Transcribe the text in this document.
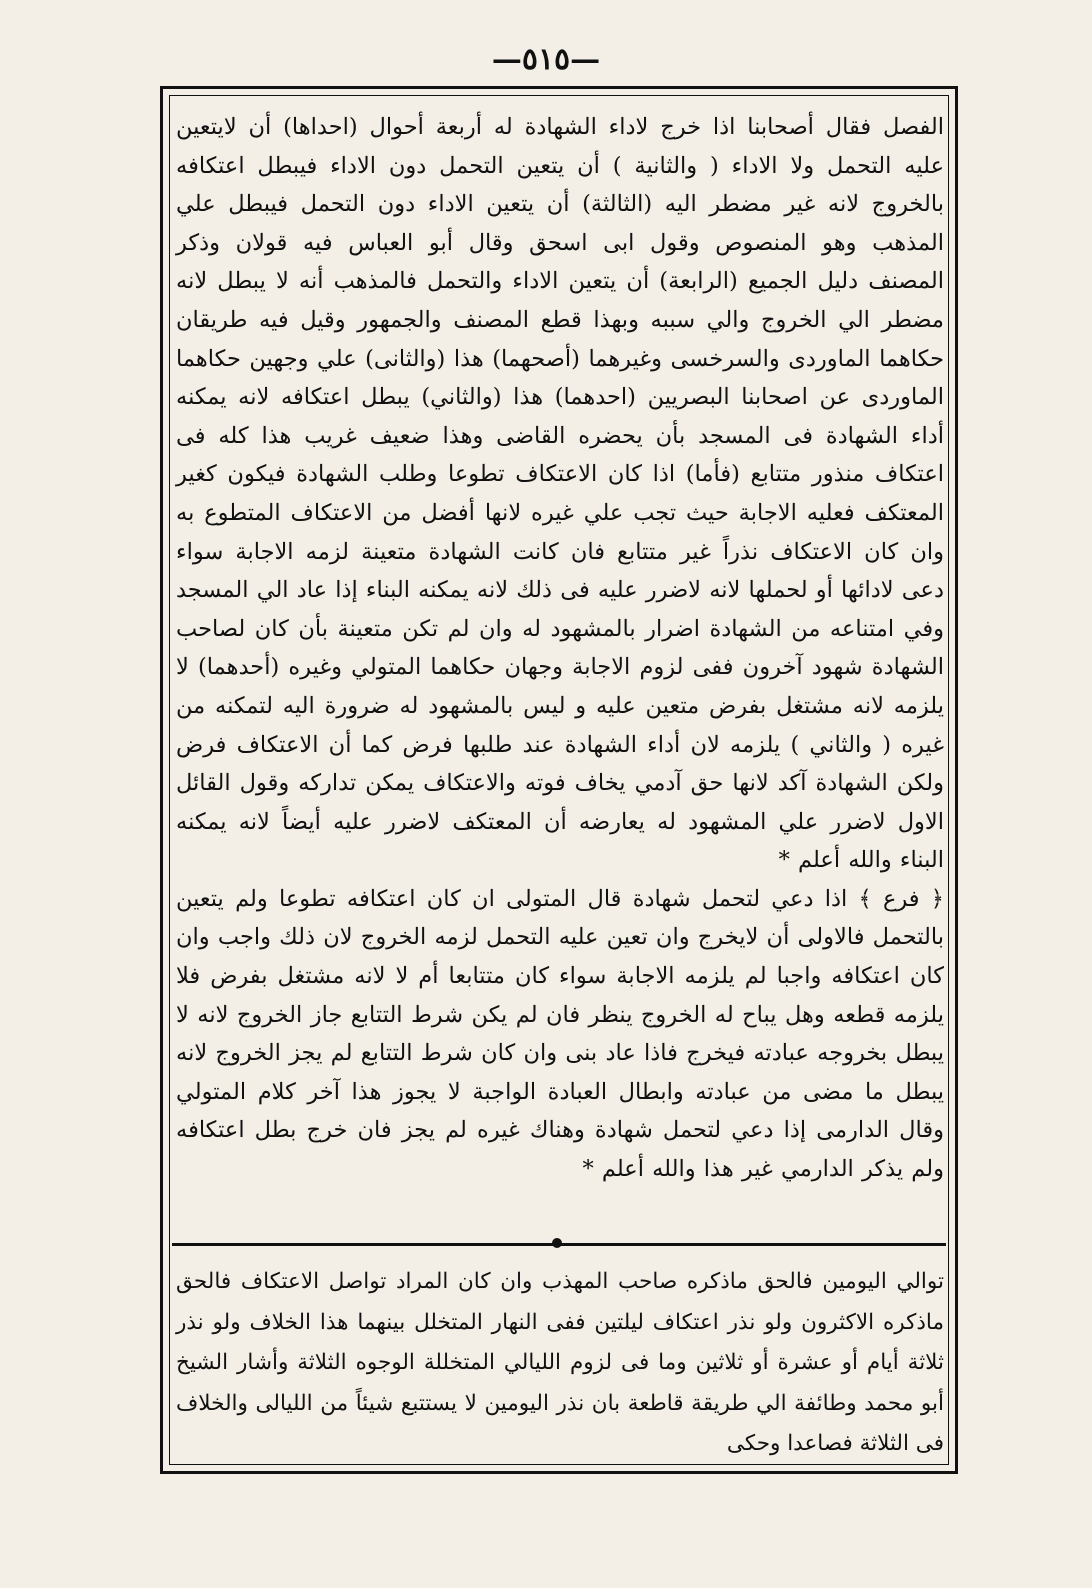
—٥١٥—

الفصل فقال أصحابنا اذا خرج لاداء الشهادة له أربعة أحوال (احداها) أن لايتعين عليه التحمل ولا الاداء ( والثانية ) أن يتعين التحمل دون الاداء فيبطل اعتكافه بالخروج لانه غير مضطر اليه (الثالثة) أن يتعين الاداء دون التحمل فيبطل علي المذهب وهو المنصوص وقول ابى اسحق وقال أبو العباس فيه قولان وذكر المصنف دليل الجميع (الرابعة) أن يتعين الاداء والتحمل فالمذهب أنه لا يبطل لانه مضطر الي الخروج والي سببه وبهذا قطع المصنف والجمهور وقيل فيه طريقان حكاهما الماوردى والسرخسى وغيرهما (أصحهما) هذا (والثانى) علي وجهين حكاهما الماوردى عن اصحابنا البصريين (احدهما) هذا (والثاني) يبطل اعتكافه لانه يمكنه أداء الشهادة فى المسجد بأن يحضره القاضى وهذا ضعيف غريب هذا كله فى اعتكاف منذور متتابع (فأما) اذا كان الاعتكاف تطوعا وطلب الشهادة فيكون كغير المعتكف فعليه الاجابة حيث تجب علي غيره لانها أفضل من الاعتكاف المتطوع به وان كان الاعتكاف نذراً غير متتابع فان كانت الشهادة متعينة لزمه الاجابة سواء دعى لادائها أو لحملها لانه لاضرر عليه فى ذلك لانه يمكنه البناء إذا عاد الي المسجد وفي امتناعه من الشهادة اضرار بالمشهود له وان لم تكن متعينة بأن كان لصاحب الشهادة شهود آخرون ففى لزوم الاجابة وجهان حكاهما المتولي وغيره (أحدهما) لا يلزمه لانه مشتغل بفرض متعين عليه و ليس بالمشهود له ضرورة اليه لتمكنه من غيره ( والثاني ) يلزمه لان أداء الشهادة عند طلبها فرض كما أن الاعتكاف فرض ولكن الشهادة آكد لانها حق آدمي يخاف فوته والاعتكاف يمكن تداركه وقول القائل الاول لاضرر علي المشهود له يعارضه أن المعتكف لاضرر عليه أيضاً لانه يمكنه البناء والله أعلم *

﴿ فرع ﴾ اذا دعي لتحمل شهادة قال المتولى ان كان اعتكافه تطوعا ولم يتعين بالتحمل فالاولى أن لايخرج وان تعين عليه التحمل لزمه الخروج لان ذلك واجب وان كان اعتكافه واجبا لم يلزمه الاجابة سواء كان متتابعا أم لا لانه مشتغل بفرض فلا يلزمه قطعه وهل يباح له الخروج ينظر فان لم يكن شرط التتابع جاز الخروج لانه لا يبطل بخروجه عبادته فيخرج فاذا عاد بنى وان كان شرط التتابع لم يجز الخروج لانه يبطل ما مضى من عبادته وابطال العبادة الواجبة لا يجوز هذا آخر كلام المتولي وقال الدارمى إذا دعي لتحمل شهادة وهناك غيره لم يجز فان خرج بطل اعتكافه ولم يذكر الدارمي غير هذا والله أعلم *

توالي اليومين فالحق ماذكره صاحب المهذب وان كان المراد تواصل الاعتكاف فالحق ماذكره الاكثرون ولو نذر اعتكاف ليلتين ففى النهار المتخلل بينهما هذا الخلاف ولو نذر ثلاثة أيام أو عشرة أو ثلاثين وما فى لزوم الليالي المتخللة الوجوه الثلاثة وأشار الشيخ أبو محمد وطائفة الي طريقة قاطعة بان نذر اليومين لا يستتبع شيئاً من الليالى والخلاف فى الثلاثة فصاعدا وحكى
